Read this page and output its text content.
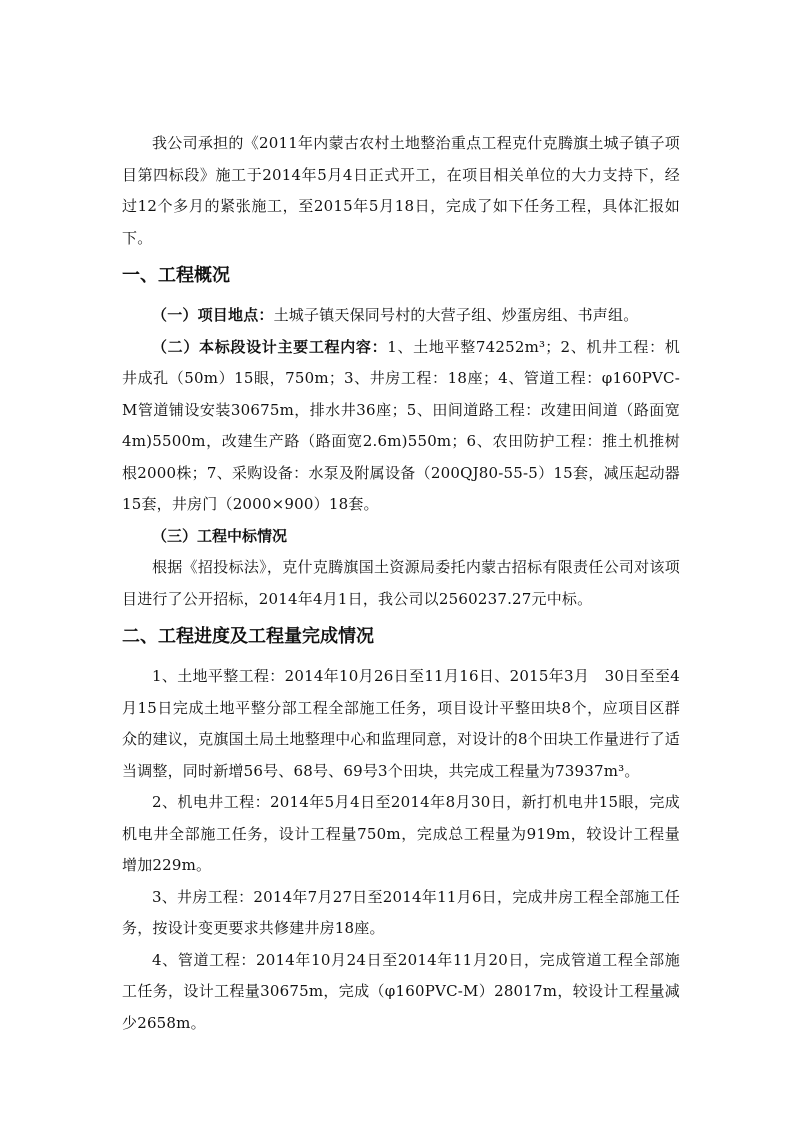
我公司承担的《2011年内蒙古农村土地整治重点工程克什克腾旗土城子镇子项目第四标段》施工于2014年5月4日正式开工，在项目相关单位的大力支持下，经过12个多月的紧张施工，至2015年5月18日，完成了如下任务工程，具体汇报如下。

一、工程概况

（一）项目地点：土城子镇天保同号村的大营子组、炒蛋房组、书声组。

（二）本标段设计主要工程内容：1、土地平整74252m³；2、机井工程：机井成孔（50m）15眼，750m；3、井房工程：18座；4、管道工程：φ160PVC-M管道铺设安装30675m，排水井36座；5、田间道路工程：改建田间道（路面宽4m)5500m，改建生产路（路面宽2.6m)550m；6、农田防护工程：推土机推树根2000株；7、采购设备：水泵及附属设备（200QJ80-55-5）15套，减压起动器15套，井房门（2000×900）18套。

（三）工程中标情况

根据《招投标法》，克什克腾旗国土资源局委托内蒙古招标有限责任公司对该项目进行了公开招标，2014年4月1日，我公司以2560237.27元中标。

二、工程进度及工程量完成情况

1、土地平整工程：2014年10月26日至11月16日、2015年3月　30日至至4月15日完成土地平整分部工程全部施工任务，项目设计平整田块8个，应项目区群众的建议，克旗国土局土地整理中心和监理同意，对设计的8个田块工作量进行了适当调整，同时新增56号、68号、69号3个田块，共完成工程量为73937m³。

2、机电井工程：2014年5月4日至2014年8月30日，新打机电井15眼，完成机电井全部施工任务，设计工程量750m，完成总工程量为919m，较设计工程量增加229m。

3、井房工程：2014年7月27日至2014年11月6日，完成井房工程全部施工任务，按设计变更要求共修建井房18座。

4、管道工程：2014年10月24日至2014年11月20日，完成管道工程全部施工任务，设计工程量30675m，完成（φ160PVC-M）28017m，较设计工程量减少2658m。
